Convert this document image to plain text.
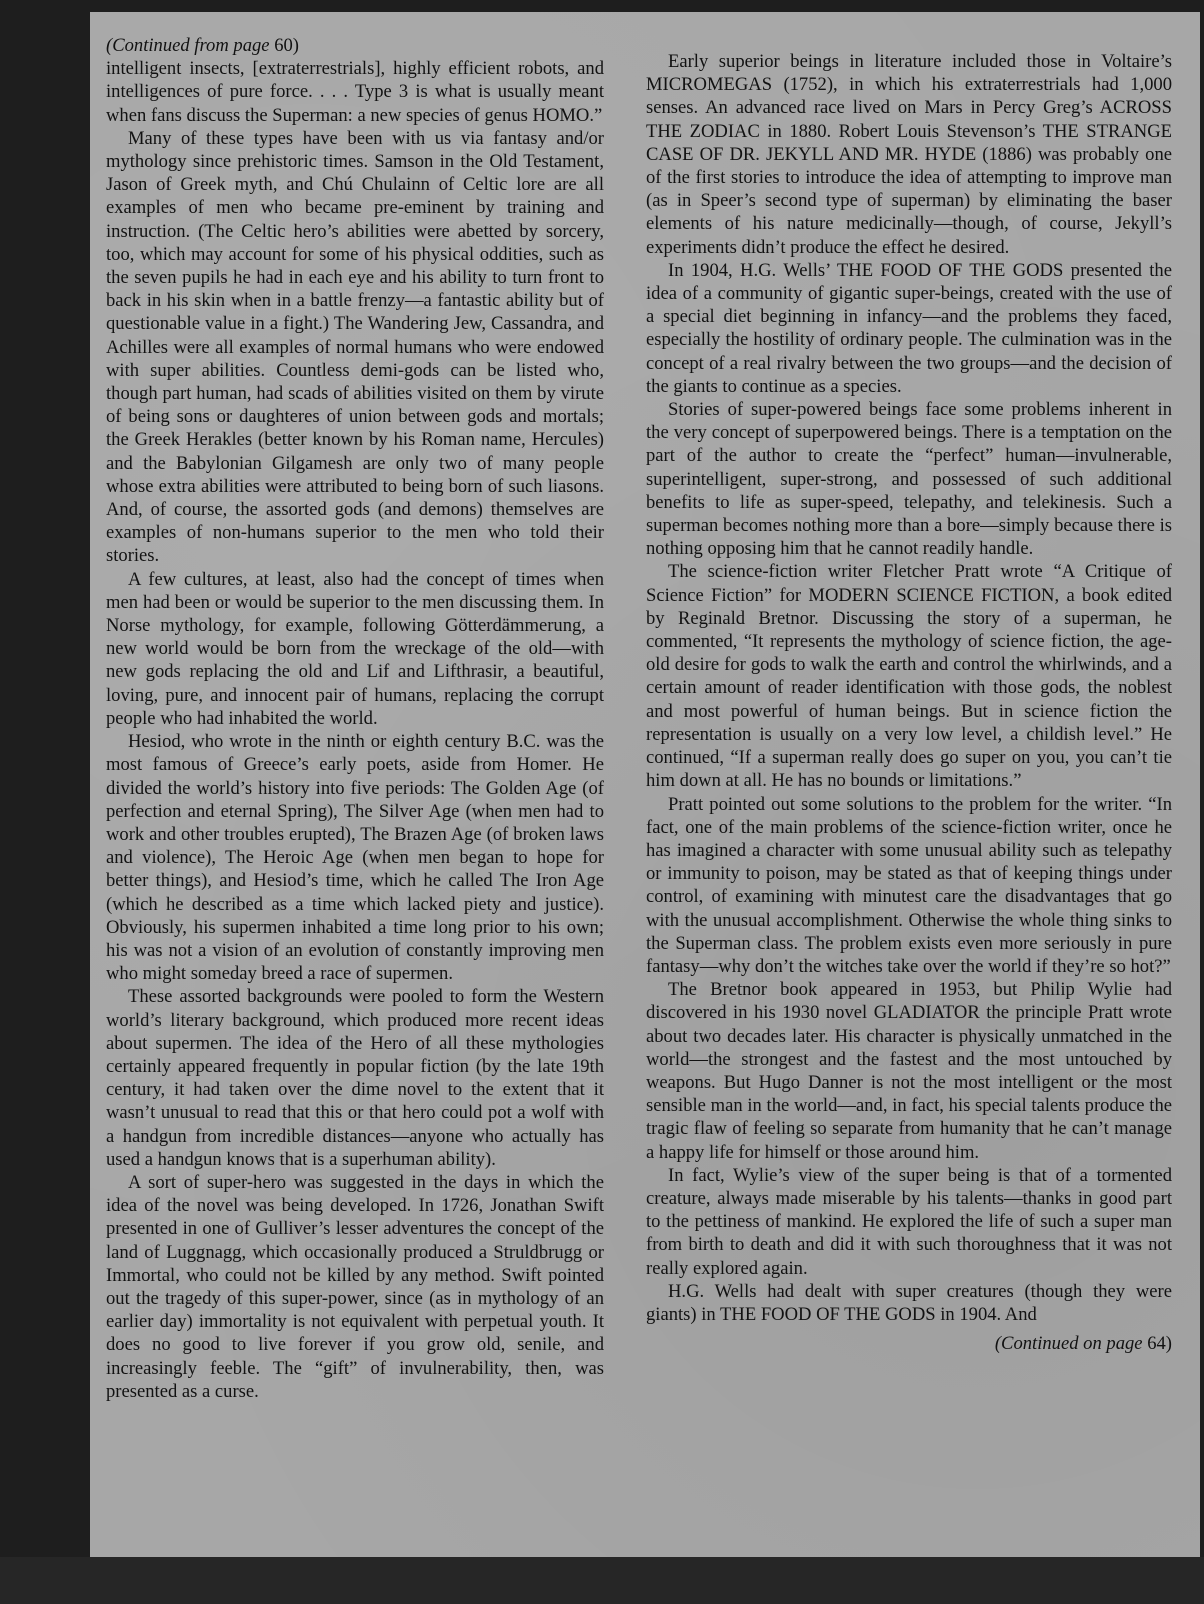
(Continued from page 60)

intelligent insects, [extraterrestrials], highly efficient robots, and intelligences of pure force. . . . Type 3 is what is usually meant when fans discuss the Superman: a new species of genus HOMO.”

Many of these types have been with us via fantasy and/or mythology since prehistoric times. Samson in the Old Testament, Jason of Greek myth, and Chú Chulainn of Celtic lore are all examples of men who became pre-eminent by training and instruction. (The Celtic hero’s abilities were abetted by sorcery, too, which may account for some of his physical oddities, such as the seven pupils he had in each eye and his ability to turn front to back in his skin when in a battle frenzy—a fantastic ability but of questionable value in a fight.) The Wandering Jew, Cassandra, and Achilles were all examples of normal humans who were endowed with super abilities. Countless demi-gods can be listed who, though part human, had scads of abilities visited on them by virute of being sons or daughteres of union between gods and mortals; the Greek Herakles (better known by his Roman name, Hercules) and the Babylonian Gilgamesh are only two of many people whose extra abilities were attributed to being born of such liasons. And, of course, the assorted gods (and demons) themselves are examples of non-humans superior to the men who told their stories.

A few cultures, at least, also had the concept of times when men had been or would be superior to the men discussing them. In Norse mythology, for example, following Götterdämmerung, a new world would be born from the wreckage of the old—with new gods replacing the old and Lif and Lifthrasir, a beautiful, loving, pure, and innocent pair of humans, replacing the corrupt people who had inhabited the world.

Hesiod, who wrote in the ninth or eighth century B.C. was the most famous of Greece’s early poets, aside from Homer. He divided the world’s history into five periods: The Golden Age (of perfection and eternal Spring), The Silver Age (when men had to work and other troubles erupted), The Brazen Age (of broken laws and violence), The Heroic Age (when men began to hope for better things), and Hesiod’s time, which he called The Iron Age (which he described as a time which lacked piety and justice). Obviously, his supermen inhabited a time long prior to his own; his was not a vision of an evolution of constantly improving men who might someday breed a race of supermen.

These assorted backgrounds were pooled to form the Western world’s literary background, which produced more recent ideas about supermen. The idea of the Hero of all these mythologies certainly appeared frequently in popular fiction (by the late 19th century, it had taken over the dime novel to the extent that it wasn’t unusual to read that this or that hero could pot a wolf with a handgun from incredible distances—anyone who actually has used a handgun knows that is a superhuman ability).

A sort of super-hero was suggested in the days in which the idea of the novel was being developed. In 1726, Jonathan Swift presented in one of Gulliver’s lesser adventures the concept of the land of Luggnagg, which occasionally produced a Struldbrugg or Immortal, who could not be killed by any method. Swift pointed out the tragedy of this super-power, since (as in mythology of an earlier day) immortality is not equivalent with perpetual youth. It does no good to live forever if you grow old, senile, and increasingly feeble. The “gift” of invulnerability, then, was presented as a curse.

Early superior beings in literature included those in Voltaire’s MICROMEGAS (1752), in which his extraterrestrials had 1,000 senses. An advanced race lived on Mars in Percy Greg’s ACROSS THE ZODIAC in 1880. Robert Louis Stevenson’s THE STRANGE CASE OF DR. JEKYLL AND MR. HYDE (1886) was probably one of the first stories to introduce the idea of attempting to improve man (as in Speer’s second type of superman) by eliminating the baser elements of his nature medicinally—though, of course, Jekyll’s experiments didn’t produce the effect he desired.

In 1904, H.G. Wells’ THE FOOD OF THE GODS presented the idea of a community of gigantic super-beings, created with the use of a special diet beginning in infancy—and the problems they faced, especially the hostility of ordinary people. The culmination was in the concept of a real rivalry between the two groups—and the decision of the giants to continue as a species.

Stories of super-powered beings face some problems inherent in the very concept of superpowered beings. There is a temptation on the part of the author to create the “perfect” human—invulnerable, superintelligent, super-strong, and possessed of such additional benefits to life as super-speed, telepathy, and telekinesis. Such a superman becomes nothing more than a bore—simply because there is nothing opposing him that he cannot readily handle.

The science-fiction writer Fletcher Pratt wrote “A Critique of Science Fiction” for MODERN SCIENCE FICTION, a book edited by Reginald Bretnor. Discussing the story of a superman, he commented, “It represents the mythology of science fiction, the age-old desire for gods to walk the earth and control the whirlwinds, and a certain amount of reader identification with those gods, the noblest and most powerful of human beings. But in science fiction the representation is usually on a very low level, a childish level.” He continued, “If a superman really does go super on you, you can’t tie him down at all. He has no bounds or limitations.”

Pratt pointed out some solutions to the problem for the writer. “In fact, one of the main problems of the science-fiction writer, once he has imagined a character with some unusual ability such as telepathy or immunity to poison, may be stated as that of keeping things under control, of examining with minutest care the disadvantages that go with the unusual accomplishment. Otherwise the whole thing sinks to the Superman class. The problem exists even more seriously in pure fantasy—why don’t the witches take over the world if they’re so hot?”

The Bretnor book appeared in 1953, but Philip Wylie had discovered in his 1930 novel GLADIATOR the principle Pratt wrote about two decades later. His character is physically unmatched in the world—the strongest and the fastest and the most untouched by weapons. But Hugo Danner is not the most intelligent or the most sensible man in the world—and, in fact, his special talents produce the tragic flaw of feeling so separate from humanity that he can’t manage a happy life for himself or those around him.

In fact, Wylie’s view of the super being is that of a tormented creature, always made miserable by his talents—thanks in good part to the pettiness of mankind. He explored the life of such a super man from birth to death and did it with such thoroughness that it was not really explored again.

H.G. Wells had dealt with super creatures (though they were giants) in THE FOOD OF THE GODS in 1904. And

(Continued on page 64)
